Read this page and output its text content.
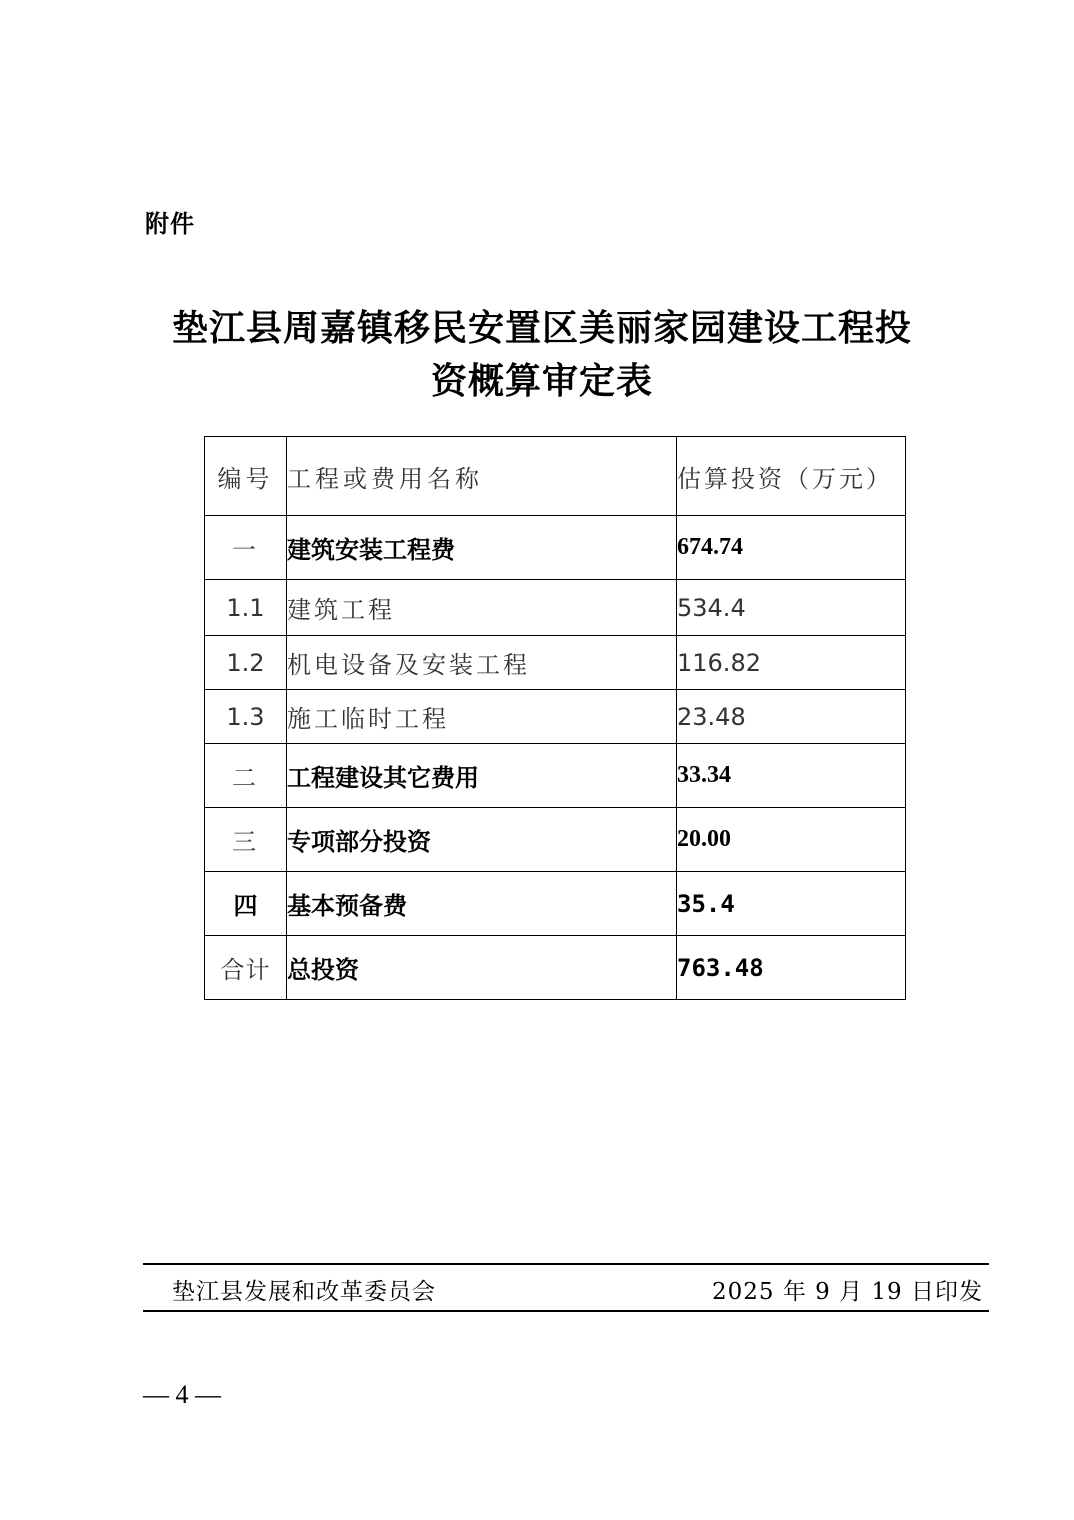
附件
垫江县周嘉镇移民安置区美丽家园建设工程投
资概算审定表
编号	工程或费用名称	估算投资（万元）
一	建筑安装工程费	674.74
1.1	建筑工程	534.4
1.2	机电设备及安装工程	116.82
1.3	施工临时工程	23.48
二	工程建设其它费用	33.34
三	专项部分投资	20.00
四	基本预备费	35.4
合计	总投资	763.48
垫江县发展和改革委员会	2025 年 9 月 19 日印发
— 4 —
